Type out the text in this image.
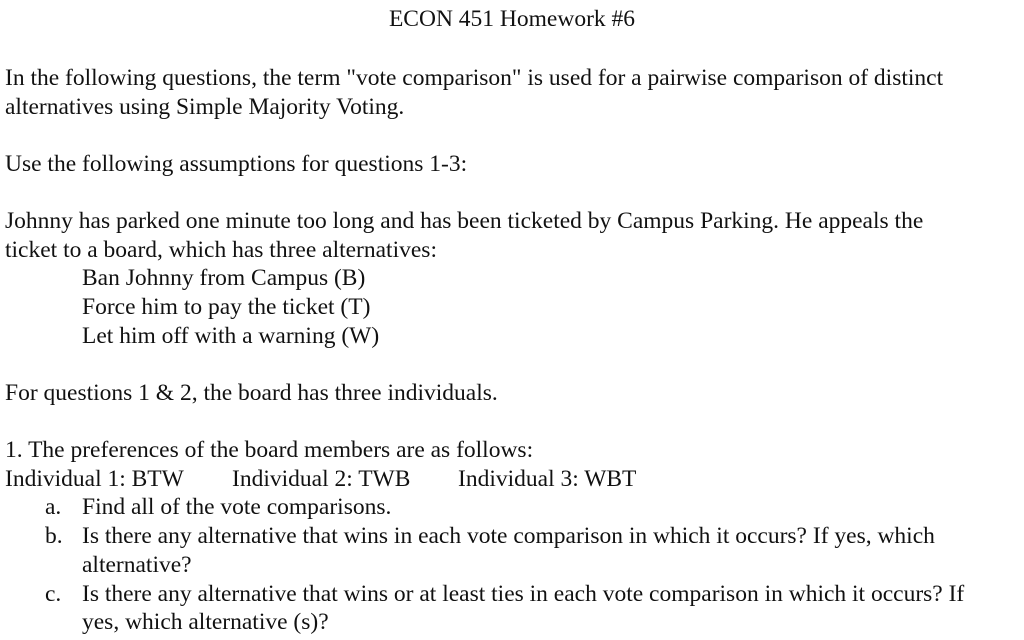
ECON 451 Homework #6
In the following questions, the term "vote comparison" is used for a pairwise comparison of distinct
alternatives using Simple Majority Voting.
Use the following assumptions for questions 1-3:
Johnny has parked one minute too long and has been ticketed by Campus Parking. He appeals the
ticket to a board, which has three alternatives:
Ban Johnny from Campus (B)
Force him to pay the ticket (T)
Let him off with a warning (W)
For questions 1 & 2, the board has three individuals.
1. The preferences of the board members are as follows:
Individual 1: BTW Individual 2: TWB Individual 3: WBT
a. Find all of the vote comparisons.
b. Is there any alternative that wins in each vote comparison in which it occurs? If yes, which
alternative?
c. Is there any alternative that wins or at least ties in each vote comparison in which it occurs? If
yes, which alternative (s)?
